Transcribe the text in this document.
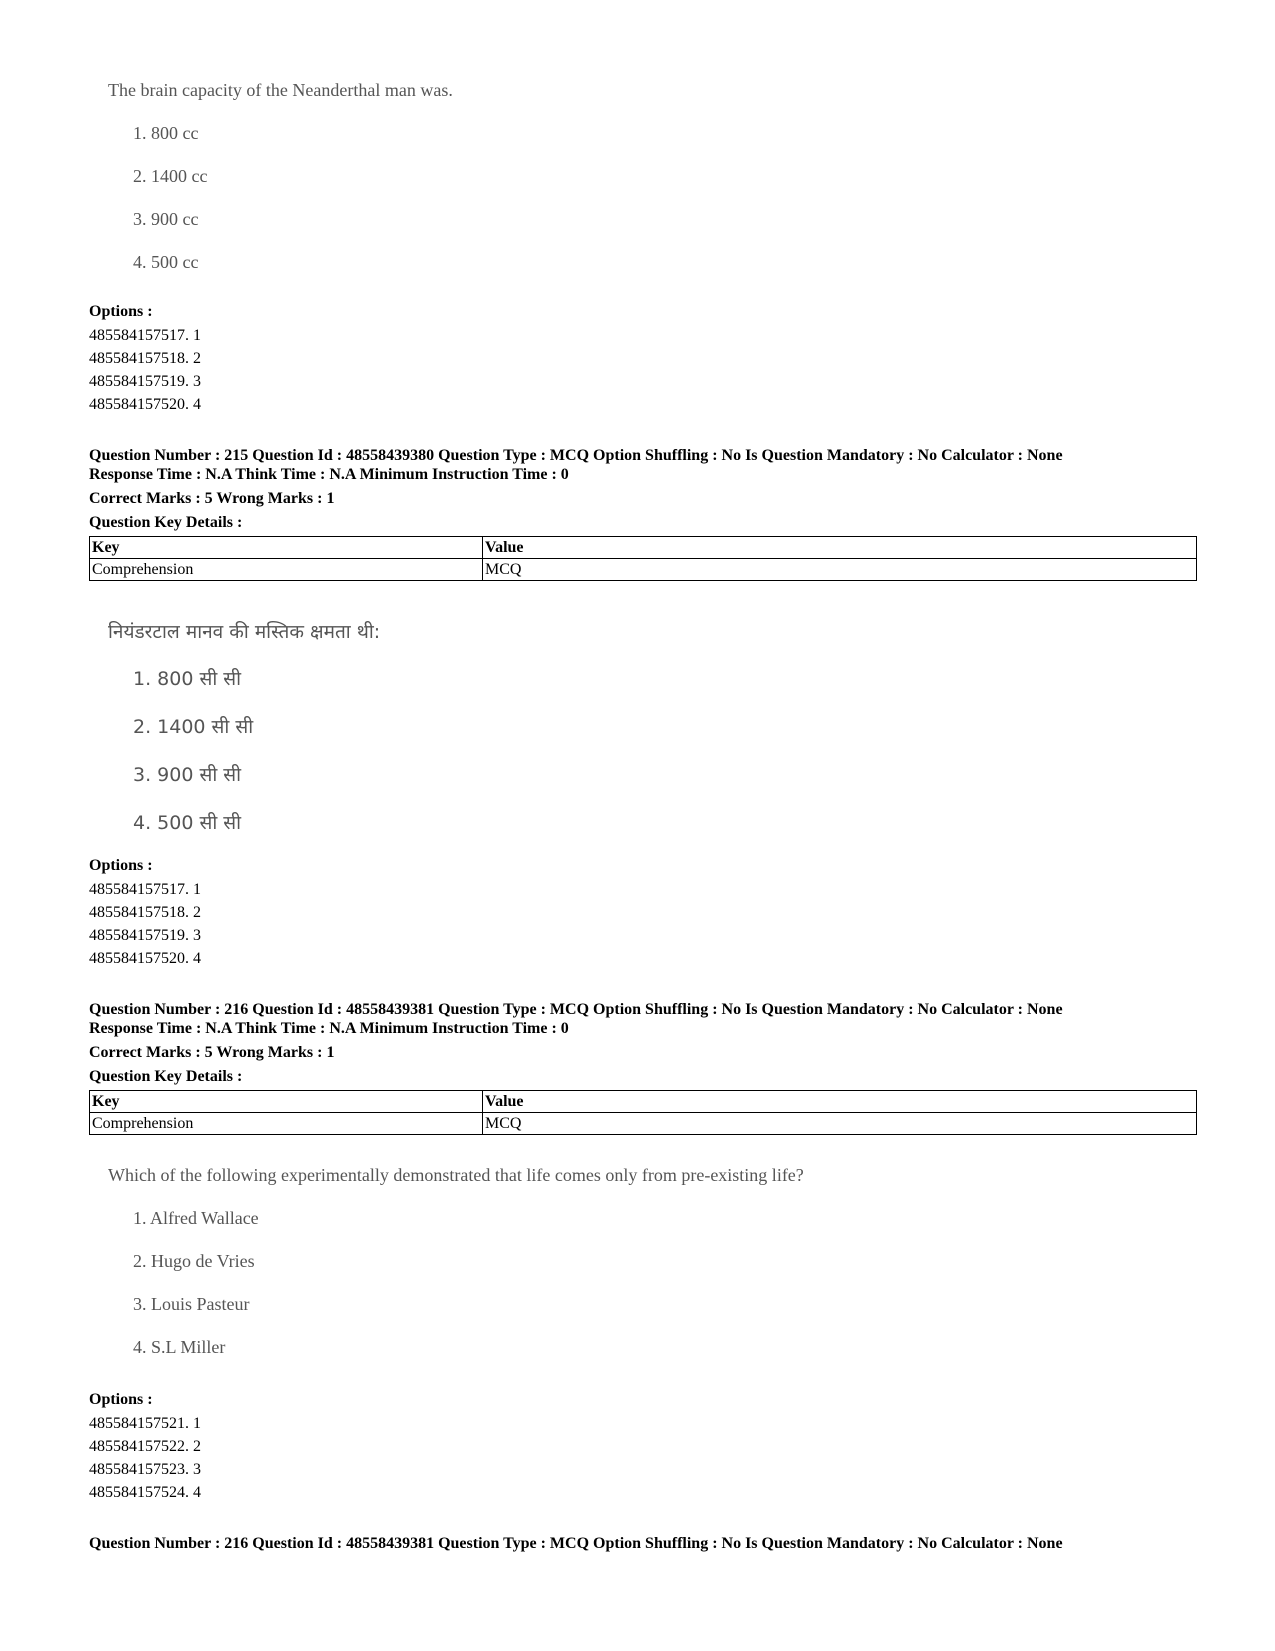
The brain capacity of the Neanderthal man was.
1. 800 cc
2. 1400 cc
3. 900 cc
4. 500 cc
Options :
485584157517. 1
485584157518. 2
485584157519. 3
485584157520. 4
Question Number : 215 Question Id : 48558439380 Question Type : MCQ Option Shuffling : No Is Question Mandatory : No Calculator : None
Response Time : N.A Think Time : N.A Minimum Instruction Time : 0
Correct Marks : 5 Wrong Marks : 1
Question Key Details :
Key	Value
Comprehension	MCQ
नियंडरटाल मानव की मस्तिक क्षमता थी:
1. 800 सी सी
2. 1400 सी सी
3. 900 सी सी
4. 500 सी सी
Options :
485584157517. 1
485584157518. 2
485584157519. 3
485584157520. 4
Question Number : 216 Question Id : 48558439381 Question Type : MCQ Option Shuffling : No Is Question Mandatory : No Calculator : None
Response Time : N.A Think Time : N.A Minimum Instruction Time : 0
Correct Marks : 5 Wrong Marks : 1
Question Key Details :
Key	Value
Comprehension	MCQ
Which of the following experimentally demonstrated that life comes only from pre-existing life?
1. Alfred Wallace
2. Hugo de Vries
3. Louis Pasteur
4. S.L Miller
Options :
485584157521. 1
485584157522. 2
485584157523. 3
485584157524. 4
Question Number : 216 Question Id : 48558439381 Question Type : MCQ Option Shuffling : No Is Question Mandatory : No Calculator : None
